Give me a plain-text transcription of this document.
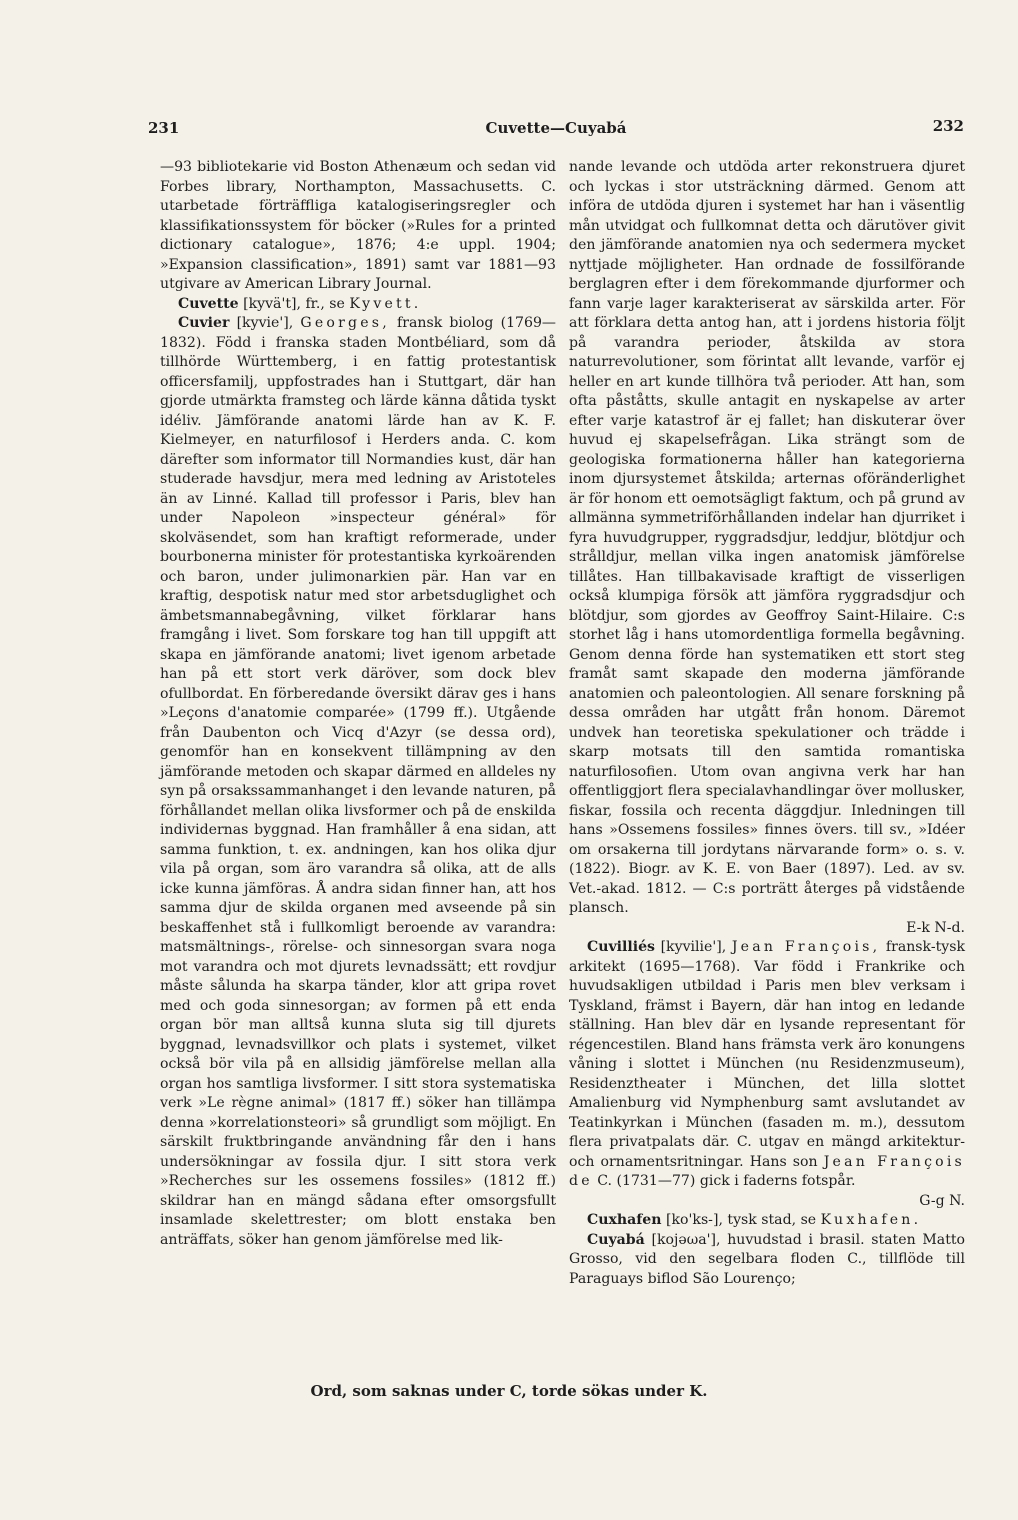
231	Cuvette—Cuyabá	232

—93 bibliotekarie vid Boston Athenæum och sedan vid Forbes library, Northampton, Massachusetts. C. utarbetade förträffliga katalogiseringsregler och klassifikationssystem för böcker (»Rules for a printed dictionary catalogue», 1876; 4:e uppl. 1904; »Expansion classification», 1891) samt var 1881—93 utgivare av American Library Journal.

Cuvette [kyvä't], fr., se Kyvett.

Cuvier [kyvie'], Georges, fransk biolog (1769—1832). Född i franska staden Montbéliard, som då tillhörde Württemberg, i en fattig protestantisk officersfamilj, uppfostrades han i Stuttgart, där han gjorde utmärkta framsteg och lärde känna dåtida tyskt idéliv. Jämförande anatomi lärde han av K. F. Kielmeyer, en naturfilosof i Herders anda. C. kom därefter som informator till Normandies kust, där han studerade havsdjur, mera med ledning av Aristoteles än av Linné. Kallad till professor i Paris, blev han under Napoleon »inspecteur général» för skolväsendet, som han kraftigt reformerade, under bourbonerna minister för protestantiska kyrkoärenden och baron, under julimonarkien pär. Han var en kraftig, despotisk natur med stor arbetsduglighet och ämbetsmannabegåvning, vilket förklarar hans framgång i livet. Som forskare tog han till uppgift att skapa en jämförande anatomi; livet igenom arbetade han på ett stort verk däröver, som dock blev ofullbordat. En förberedande översikt därav ges i hans »Leçons d'anatomie comparée» (1799 ff.). Utgående från Daubenton och Vicq d'Azyr (se dessa ord), genomför han en konsekvent tillämpning av den jämförande metoden och skapar därmed en alldeles ny syn på orsakssammanhanget i den levande naturen, på förhållandet mellan olika livsformer och på de enskilda individernas byggnad. Han framhåller å ena sidan, att samma funktion, t. ex. andningen, kan hos olika djur vila på organ, som äro varandra så olika, att de alls icke kunna jämföras. Å andra sidan finner han, att hos samma djur de skilda organen med avseende på sin beskaffenhet stå i fullkomligt beroende av varandra: matsmältnings-, rörelse- och sinnesorgan svara noga mot varandra och mot djurets levnadssätt; ett rovdjur måste sålunda ha skarpa tänder, klor att gripa rovet med och goda sinnesorgan; av formen på ett enda organ bör man alltså kunna sluta sig till djurets byggnad, levnadsvillkor och plats i systemet, vilket också bör vila på en allsidig jämförelse mellan alla organ hos samtliga livsformer. I sitt stora systematiska verk »Le règne animal» (1817 ff.) söker han tillämpa denna »korrelationsteori» så grundligt som möjligt. En särskilt fruktbringande användning får den i hans undersökningar av fossila djur. I sitt stora verk »Recherches sur les ossemens fossiles» (1812 ff.) skildrar han en mängd sådana efter omsorgsfullt insamlade skelettrester; om blott enstaka ben anträffats, söker han genom jämförelse med lik-

nande levande och utdöda arter rekonstruera djuret och lyckas i stor utsträckning därmed. Genom att införa de utdöda djuren i systemet har han i väsentlig mån utvidgat och fullkomnat detta och därutöver givit den jämförande anatomien nya och sedermera mycket nyttjade möjligheter. Han ordnade de fossilförande berglagren efter i dem förekommande djurformer och fann varje lager karakteriserat av särskilda arter. För att förklara detta antog han, att i jordens historia följt på varandra perioder, åtskilda av stora naturrevolutioner, som förintat allt levande, varför ej heller en art kunde tillhöra två perioder. Att han, som ofta påståtts, skulle antagit en nyskapelse av arter efter varje katastrof är ej fallet; han diskuterar över huvud ej skapelsefrågan. Lika strängt som de geologiska formationerna håller han kategorierna inom djursystemet åtskilda; arternas oföränderlighet är för honom ett oemotsägligt faktum, och på grund av allmänna symmetriförhållanden indelar han djurriket i fyra huvudgrupper, ryggradsdjur, leddjur, blötdjur och strålldjur, mellan vilka ingen anatomisk jämförelse tillåtes. Han tillbakavisade kraftigt de visserligen också klumpiga försök att jämföra ryggradsdjur och blötdjur, som gjordes av Geoffroy Saint-Hilaire. C:s storhet låg i hans utomordentliga formella begåvning. Genom denna förde han systematiken ett stort steg framåt samt skapade den moderna jämförande anatomien och paleontologien. All senare forskning på dessa områden har utgått från honom. Däremot undvek han teoretiska spekulationer och trädde i skarp motsats till den samtida romantiska naturfilosofien. Utom ovan angivna verk har han offentliggjort flera specialavhandlingar över mollusker, fiskar, fossila och recenta däggdjur. Inledningen till hans »Ossemens fossiles» finnes övers. till sv., »Idéer om orsakerna till jordytans närvarande form» o. s. v. (1822). Biogr. av K. E. von Baer (1897). Led. av sv. Vet.-akad. 1812. — C:s porträtt återges på vidstående plansch.
E-k N-d.

Cuvilliés [kyvilie'], Jean François, fransk-tysk arkitekt (1695—1768). Var född i Frankrike och huvudsakligen utbildad i Paris men blev verksam i Tyskland, främst i Bayern, där han intog en ledande ställning. Han blev där en lysande representant för régencestilen. Bland hans främsta verk äro konungens våning i slottet i München (nu Residenzmuseum), Residenztheater i München, det lilla slottet Amalienburg vid Nymphenburg samt avslutandet av Teatinkyrkan i München (fasaden m. m.), dessutom flera privatpalats där. C. utgav en mängd arkitektur- och ornamentsritningar. Hans son Jean François de C. (1731—77) gick i faderns fotspår.
G-g N.

Cuxhafen [ko'ks-], tysk stad, se Kuxhafen.

Cuyabá [kojəωa'], huvudstad i brasil. staten Matto Grosso, vid den segelbara floden C., tillflöde till Paraguays biflod São Lourenço;

Ord, som saknas under C, torde sökas under K.
